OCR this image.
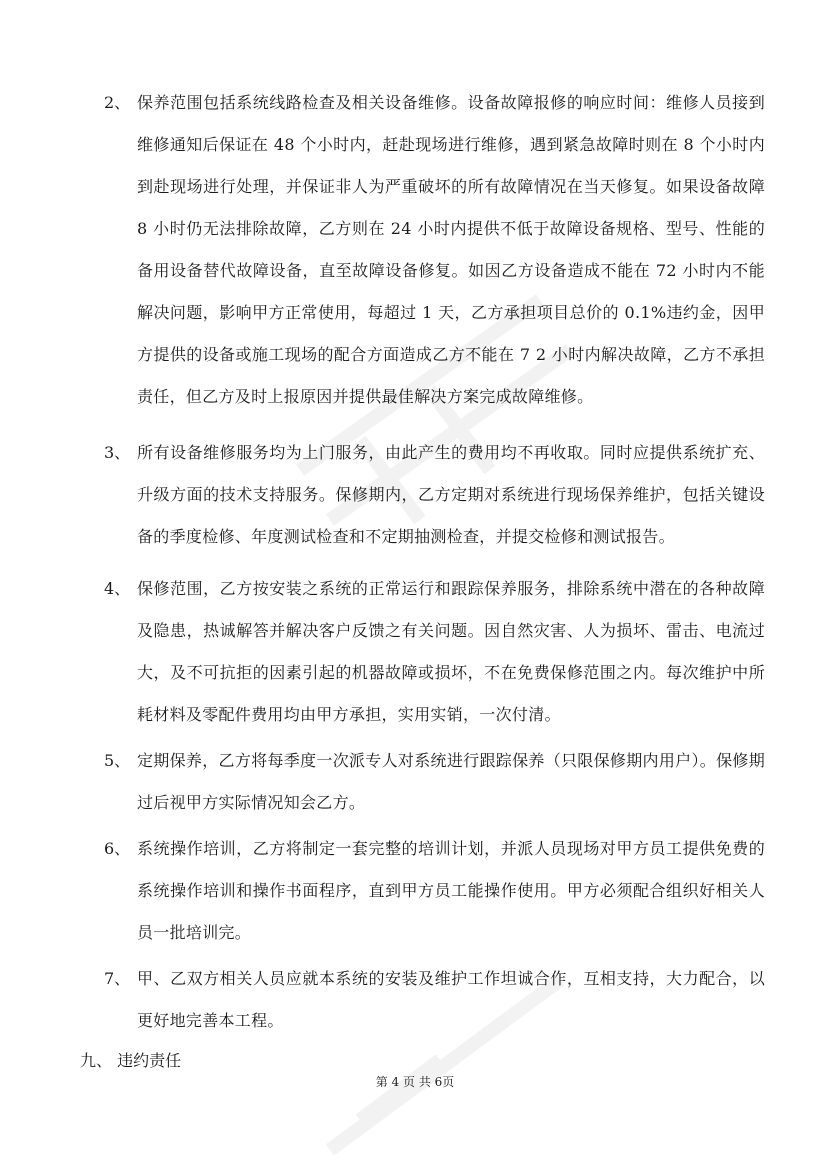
2、 保养范围包括系统线路检查及相关设备维修。设备故障报修的响应时间：维修人员接到维修通知后保证在 48 个小时内，赶赴现场进行维修，遇到紧急故障时则在 8 个小时内到赴现场进行处理，并保证非人为严重破坏的所有故障情况在当天修复。如果设备故障 8 小时仍无法排除故障，乙方则在 24 小时内提供不低于故障设备规格、型号、性能的备用设备替代故障设备，直至故障设备修复。如因乙方设备造成不能在 72 小时内不能解决问题，影响甲方正常使用，每超过 1 天，乙方承担项目总价的 0.1%违约金，因甲方提供的设备或施工现场的配合方面造成乙方不能在 7 2 小时内解决故障，乙方不承担责任，但乙方及时上报原因并提供最佳解决方案完成故障维修。
3、 所有设备维修服务均为上门服务，由此产生的费用均不再收取。同时应提供系统扩充、升级方面的技术支持服务。保修期内，乙方定期对系统进行现场保养维护，包括关键设备的季度检修、年度测试检查和不定期抽测检查，并提交检修和测试报告。
4、 保修范围，乙方按安装之系统的正常运行和跟踪保养服务，排除系统中潜在的各种故障及隐患，热诚解答并解决客户反馈之有关问题。因自然灾害、人为损坏、雷击、电流过大，及不可抗拒的因素引起的机器故障或损坏，不在免费保修范围之内。每次维护中所耗材料及零配件费用均由甲方承担，实用实销，一次付清。
5、 定期保养，乙方将每季度一次派专人对系统进行跟踪保养（只限保修期内用户）。保修期过后视甲方实际情况知会乙方。
6、 系统操作培训，乙方将制定一套完整的培训计划，并派人员现场对甲方员工提供免费的系统操作培训和操作书面程序，直到甲方员工能操作使用。甲方必须配合组织好相关人员一批培训完。
7、 甲、乙双方相关人员应就本系统的安装及维护工作坦诚合作，互相支持，大力配合，以更好地完善本工程。
九、 违约责任
第 4 页 共 6页
